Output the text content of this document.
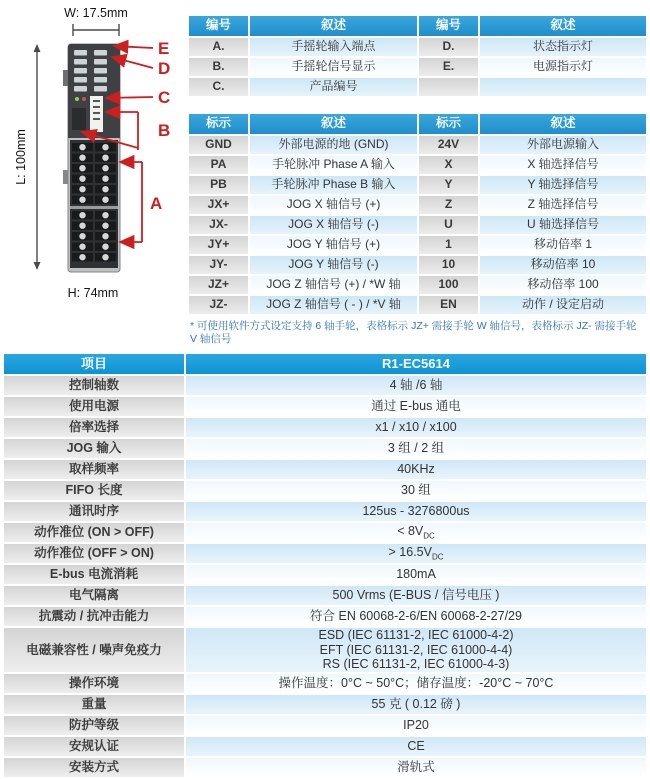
W: 17.5mm
L: 100mm
H: 74mm
E
D
C
B
A
编号	叙述	编号	叙述
A.	手摇轮输入端点	D.	状态指示灯
B.	手摇轮信号显示	E.	电源指示灯
C.	产品编号		
标示	叙述	标示	叙述
GND	外部电源的地 (GND)	24V	外部电源输入
PA	手轮脉冲 Phase A 输入	X	X 轴选择信号
PB	手轮脉冲 Phase B 输入	Y	Y 轴选择信号
JX+	JOG X 轴信号 (+)	Z	Z 轴选择信号
JX-	JOG X 轴信号 (-)	U	U 轴选择信号
JY+	JOG Y 轴信号 (+)	1	移动倍率 1
JY-	JOG Y 轴信号 (-)	10	移动倍率 10
JZ+	JOG Z 轴信号 (+) / *W 轴	100	移动倍率 100
JZ-	JOG Z 轴信号 ( - ) / *V 轴	EN	动作 / 设定启动
* 可使用软件方式设定支持 6 轴手轮，表格标示 JZ+ 需接手轮 W 轴信号，表格标示 JZ- 需接手轮 V 轴信号
项目	R1-EC5614
控制轴数	4 轴 /6 轴
使用电源	通过 E-bus 通电
倍率选择	x1 / x10 / x100
JOG 输入	3 组 / 2 组
取样频率	40KHz
FIFO 长度	30 组
通讯时序	125us - 3276800us
动作准位 (ON > OFF)	< $8V_{DC}$
动作准位 (OFF > ON)	> $16.5V_{DC}$
E-bus 电流消耗	180mA
电气隔离	500 Vrms (E-BUS / 信号电压 )
抗震动 / 抗冲击能力	符合 EN 60068-2-6/EN 60068-2-27/29
电磁兼容性 / 噪声免疫力	ESD (IEC 61131-2, IEC 61000-4-2)
EFT (IEC 61131-2, IEC 61000-4-4)
RS (IEC 61131-2, IEC 61000-4-3)

操作环境	操作温度：0°C ~ 50°C；储存温度：-20°C ~ 70°C
重量	55 克 ( 0.12 磅 )
防护等级	IP20
安规认证	CE
安装方式	滑轨式
